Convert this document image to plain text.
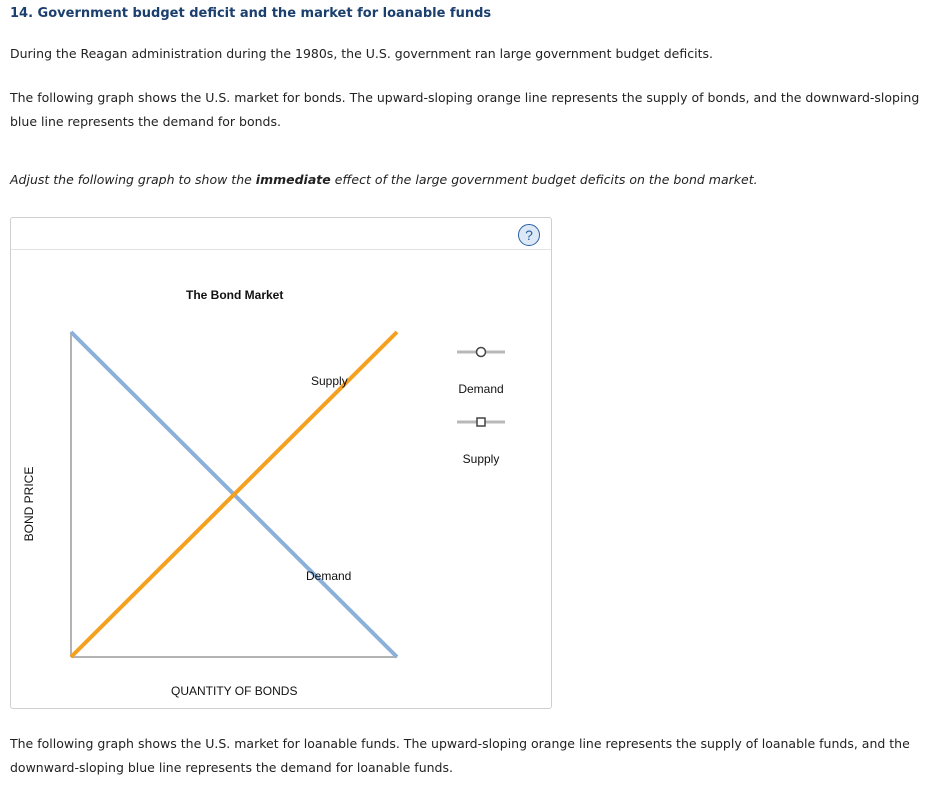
14. Government budget deficit and the market for loanable funds
During the Reagan administration during the 1980s, the U.S. government ran large government budget deficits.
The following graph shows the U.S. market for bonds. The upward-sloping orange line represents the supply of bonds, and the downward-sloping blue line represents the demand for bonds.
Adjust the following graph to show the immediate effect of the large government budget deficits on the bond market.
?
The Bond Market
BOND PRICE
QUANTITY OF BONDS
Supply
Demand
Demand
Supply
The following graph shows the U.S. market for loanable funds. The upward-sloping orange line represents the supply of loanable funds, and the downward-sloping blue line represents the demand for loanable funds.
